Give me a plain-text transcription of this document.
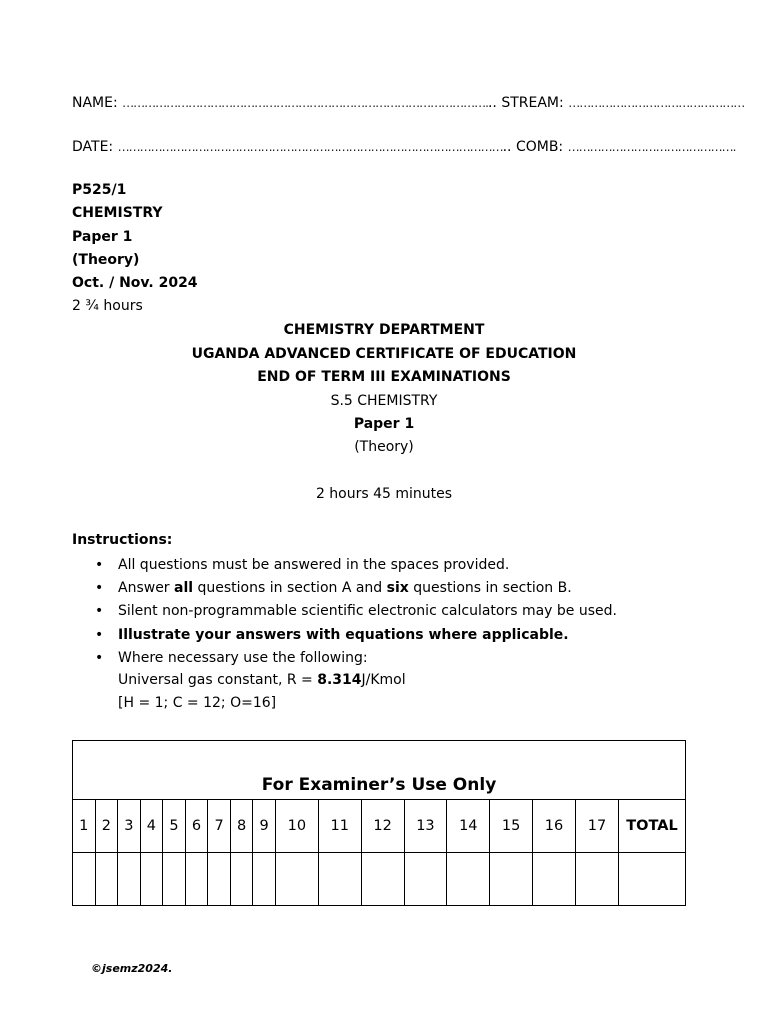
NAME: ………………………………………………………………………………………... STREAM: …………………………………………
DATE: …………………………………………………………………………………………….. COMB: ……………………………………….
P525/1
CHEMISTRY
Paper 1
(Theory)
Oct. / Nov. 2024
2 ¾ hours
CHEMISTRY DEPARTMENT
UGANDA ADVANCED CERTIFICATE OF EDUCATION
END OF TERM III EXAMINATIONS
S.5 CHEMISTRY
Paper 1
(Theory)
2 hours 45 minutes
Instructions:
• All questions must be answered in the spaces provided.
• Answer all questions in section A and six questions in section B.
• Silent non-programmable scientific electronic calculators may be used.
• Illustrate your answers with equations where applicable.
• Where necessary use the following:
Universal gas constant, R = 8.314J/Kmol
[H = 1; C = 12; O=16]
For Examiner’s Use Only																	
1	2	3	4	5	6	7	8	9	10	11	12	13	14	15	16	17	TOTAL

©jsemz2024.
